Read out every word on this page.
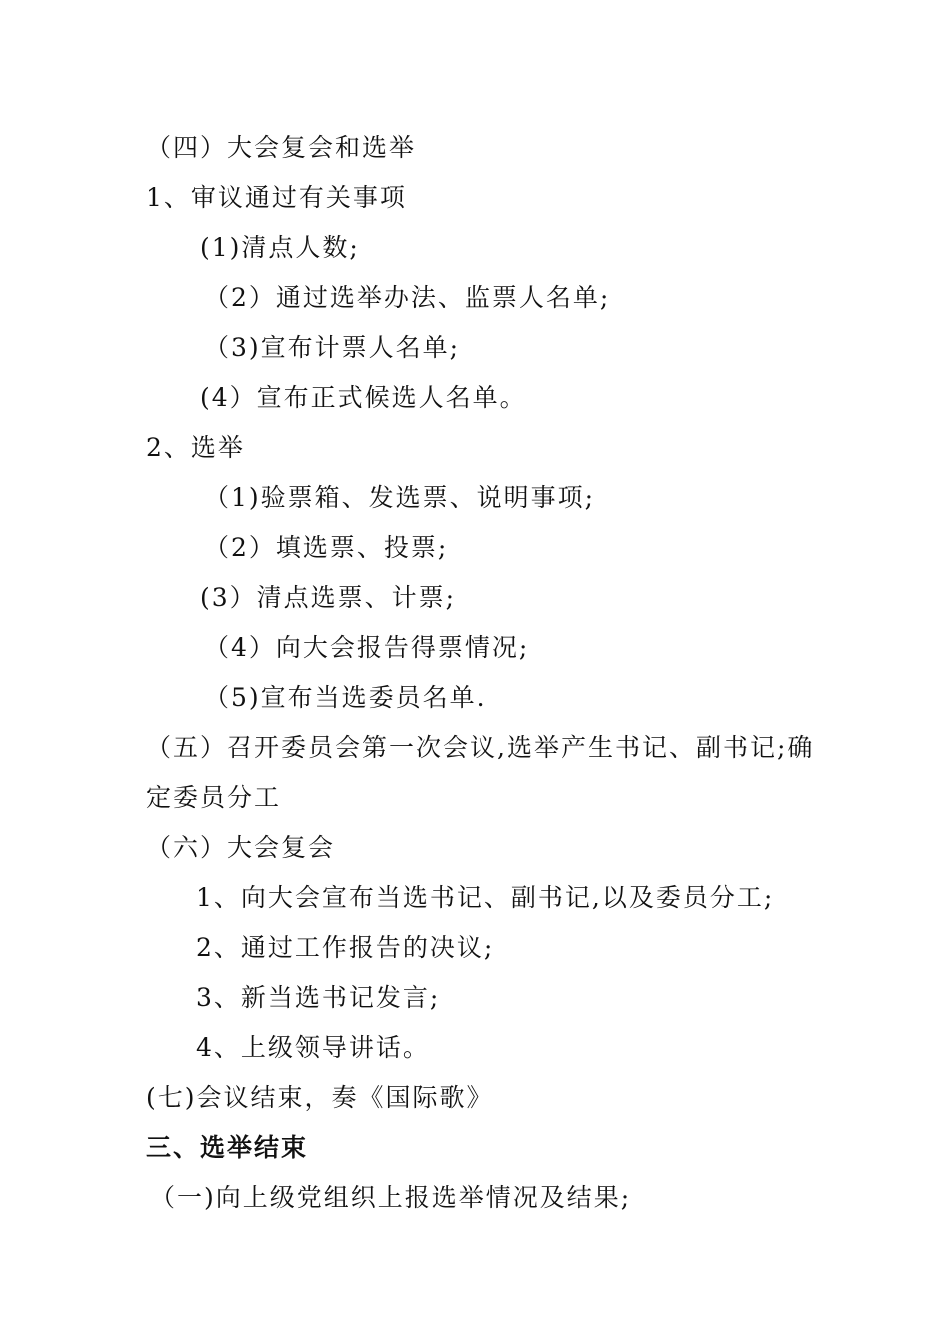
（四）大会复会和选举
1、审议通过有关事项
(1)清点人数;
（2）通过选举办法、监票人名单;
（3)宣布计票人名单;
(4）宣布正式候选人名单。
2、选举
（1)验票箱、发选票、说明事项;
（2）填选票、投票;
(3）清点选票、计票;
（4）向大会报告得票情况;
（5)宣布当选委员名单.
（五）召开委员会第一次会议,选举产生书记、副书记;确
定委员分工
（六）大会复会
1、向大会宣布当选书记、副书记,以及委员分工;
2、通过工作报告的决议;
3、新当选书记发言;
4、上级领导讲话。
(七)会议结束，奏《国际歌》
三、选举结束
（一)向上级党组织上报选举情况及结果;
